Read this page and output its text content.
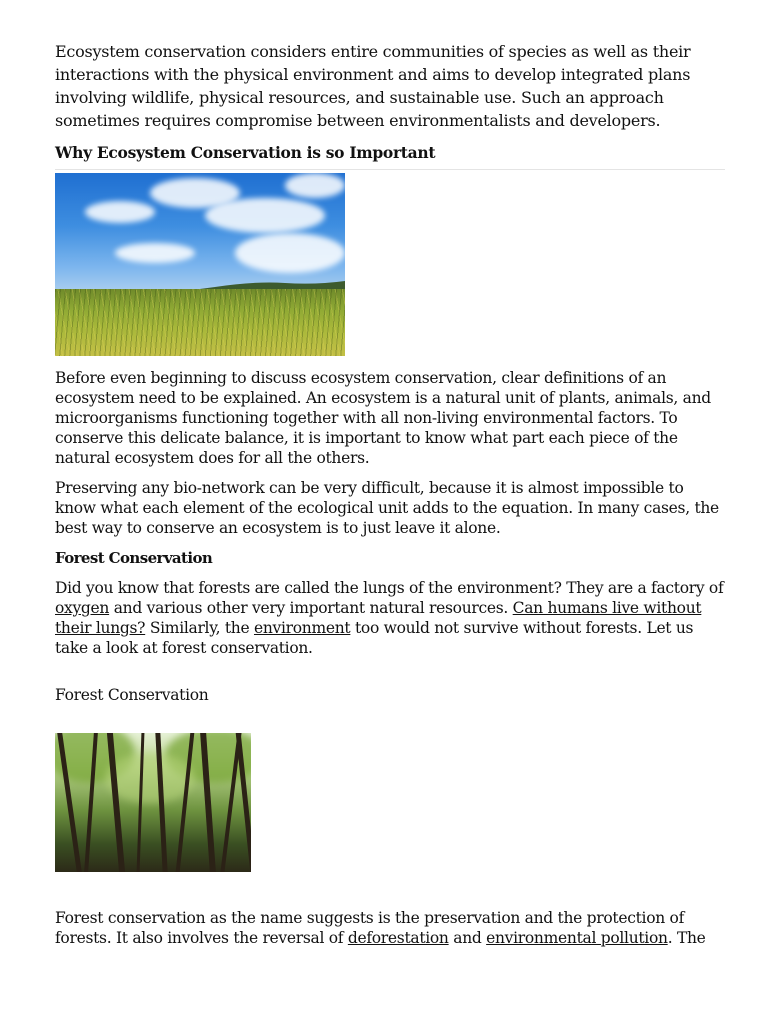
Ecosystem conservation considers entire communities of species as well as their interactions with the physical environment and aims to develop integrated plans involving wildlife, physical resources, and sustainable use. Such an approach sometimes requires compromise between environmentalists and developers.

Why Ecosystem Conservation is so Important

Before even beginning to discuss ecosystem conservation, clear definitions of an ecosystem need to be explained. An ecosystem is a natural unit of plants, animals, and microorganisms functioning together with all non-living environmental factors. To conserve this delicate balance, it is important to know what part each piece of the natural ecosystem does for all the others.

Preserving any bio-network can be very difficult, because it is almost impossible to know what each element of the ecological unit adds to the equation. In many cases, the best way to conserve an ecosystem is to just leave it alone.

Forest Conservation

Did you know that forests are called the lungs of the environment? They are a factory of oxygen and various other very important natural resources. Can humans live without their lungs? Similarly, the environment too would not survive without forests. Let us take a look at forest conservation.

Forest Conservation

Forest conservation as the name suggests is the preservation and the protection of forests. It also involves the reversal of deforestation and environmental pollution. The
